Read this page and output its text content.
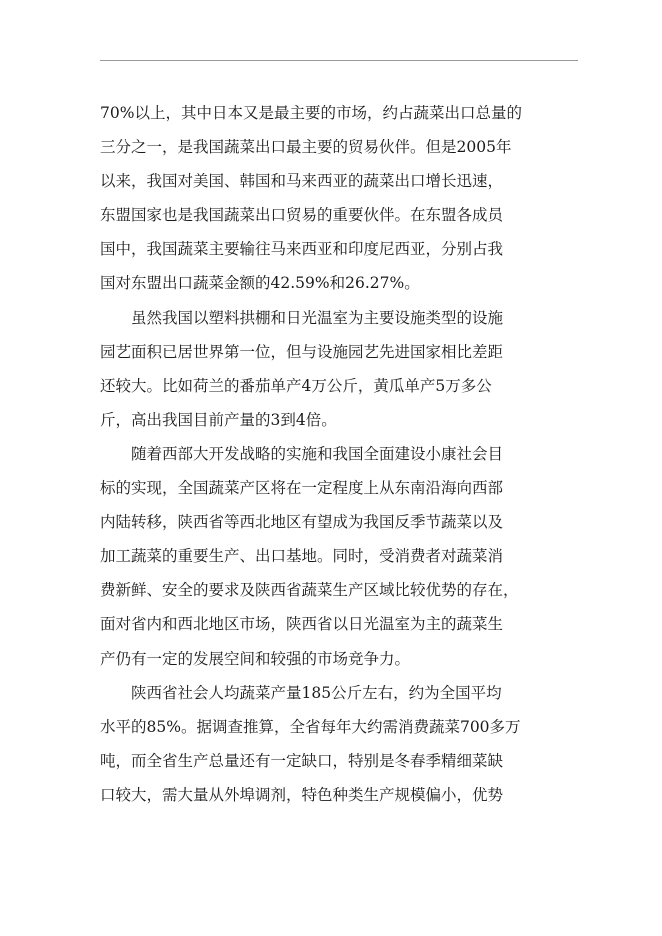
70%以上，其中日本又是最主要的市场，约占蔬菜出口总量的
三分之一，是我国蔬菜出口最主要的贸易伙伴。但是2005年
以来，我国对美国、韩国和马来西亚的蔬菜出口增长迅速，
东盟国家也是我国蔬菜出口贸易的重要伙伴。在东盟各成员
国中，我国蔬菜主要输往马来西亚和印度尼西亚，分别占我
国对东盟出口蔬菜金额的42.59%和26.27%。
虽然我国以塑料拱棚和日光温室为主要设施类型的设施
园艺面积已居世界第一位，但与设施园艺先进国家相比差距
还较大。比如荷兰的番茄单产4万公斤，黄瓜单产5万多公
斤，高出我国目前产量的3到4倍。
随着西部大开发战略的实施和我国全面建设小康社会目
标的实现，全国蔬菜产区将在一定程度上从东南沿海向西部
内陆转移，陕西省等西北地区有望成为我国反季节蔬菜以及
加工蔬菜的重要生产、出口基地。同时，受消费者对蔬菜消
费新鲜、安全的要求及陕西省蔬菜生产区域比较优势的存在，
面对省内和西北地区市场，陕西省以日光温室为主的蔬菜生
产仍有一定的发展空间和较强的市场竞争力。
陕西省社会人均蔬菜产量185公斤左右，约为全国平均
水平的85%。据调查推算，全省每年大约需消费蔬菜700多万
吨，而全省生产总量还有一定缺口，特别是冬春季精细菜缺
口较大，需大量从外埠调剂，特色种类生产规模偏小，优势
